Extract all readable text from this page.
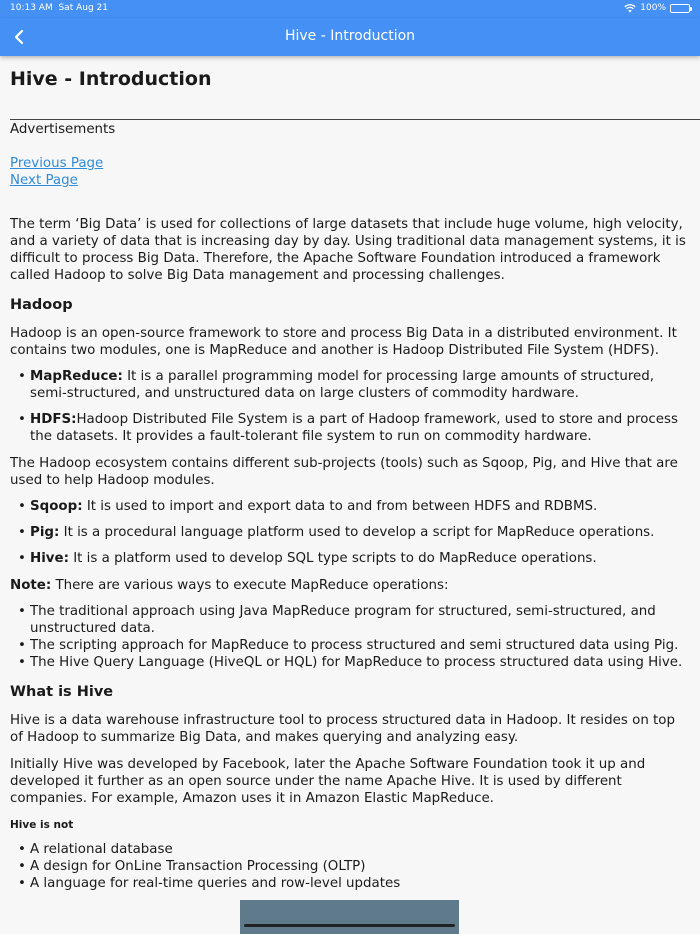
10:13 AM Sat Aug 21	100%
Hive - Introduction
Hive - Introduction
Advertisements
Previous Page
Next Page

The term ‘Big Data’ is used for collections of large datasets that include huge volume, high velocity, and a variety of data that is increasing day by day. Using traditional data management systems, it is difficult to process Big Data. Therefore, the Apache Software Foundation introduced a framework called Hadoop to solve Big Data management and processing challenges.

Hadoop

Hadoop is an open-source framework to store and process Big Data in a distributed environment. It contains two modules, one is MapReduce and another is Hadoop Distributed File System (HDFS).

• MapReduce: It is a parallel programming model for processing large amounts of structured, semi-structured, and unstructured data on large clusters of commodity hardware.
• HDFS:Hadoop Distributed File System is a part of Hadoop framework, used to store and process the datasets. It provides a fault-tolerant file system to run on commodity hardware.

The Hadoop ecosystem contains different sub-projects (tools) such as Sqoop, Pig, and Hive that are used to help Hadoop modules.

• Sqoop: It is used to import and export data to and from between HDFS and RDBMS.
• Pig: It is a procedural language platform used to develop a script for MapReduce operations.
• Hive: It is a platform used to develop SQL type scripts to do MapReduce operations.

Note: There are various ways to execute MapReduce operations:

• The traditional approach using Java MapReduce program for structured, semi-structured, and unstructured data.
• The scripting approach for MapReduce to process structured and semi structured data using Pig.
• The Hive Query Language (HiveQL or HQL) for MapReduce to process structured data using Hive.
What is Hive

Hive is a data warehouse infrastructure tool to process structured data in Hadoop. It resides on top of Hadoop to summarize Big Data, and makes querying and analyzing easy.

Initially Hive was developed by Facebook, later the Apache Software Foundation took it up and developed it further as an open source under the name Apache Hive. It is used by different companies. For example, Amazon uses it in Amazon Elastic MapReduce.

Hive is not
• A relational database
• A design for OnLine Transaction Processing (OLTP)
• A language for real-time queries and row-level updates
